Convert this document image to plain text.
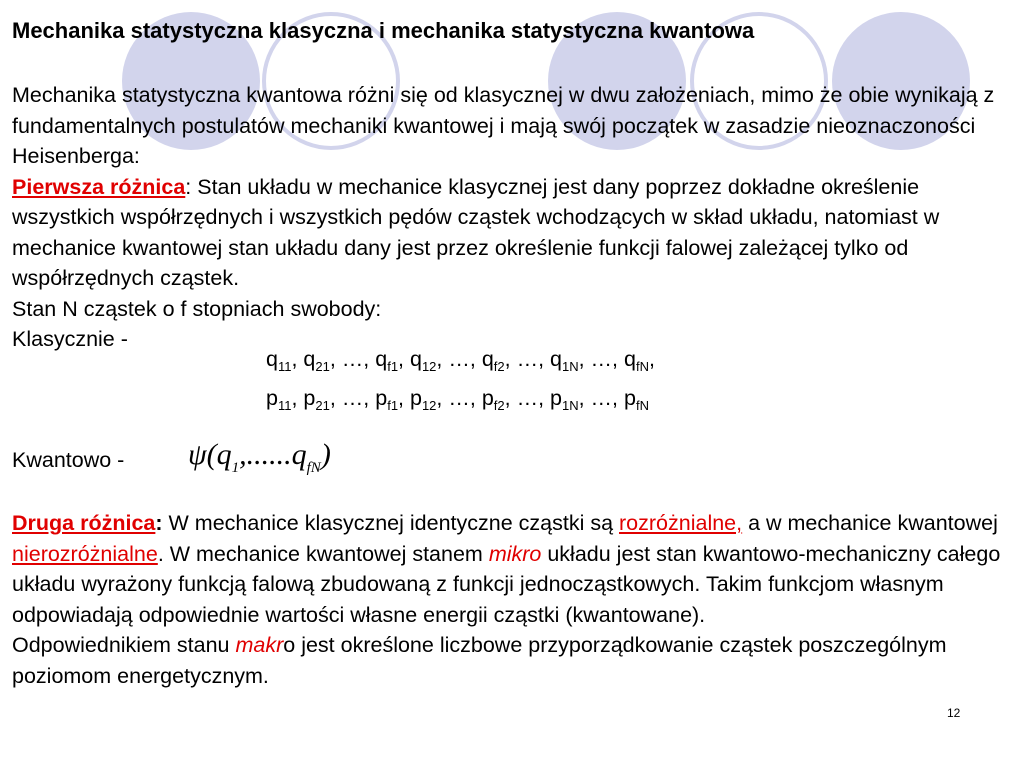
Mechanika statystyczna klasyczna i mechanika statystyczna kwantowa

Mechanika statystyczna kwantowa różni się od klasycznej w dwu założeniach, mimo że obie wynikają z fundamentalnych postulatów mechaniki kwantowej i mają swój początek w zasadzie nieoznaczoności Heisenberga:

Pierwsza różnica: Stan układu w mechanice klasycznej jest dany poprzez dokładne określenie wszystkich współrzędnych i wszystkich pędów cząstek wchodzących w skład układu, natomiast w mechanice kwantowej stan układu dany jest przez określenie funkcji falowej zależącej tylko od współrzędnych cząstek.

Stan N cząstek o f stopniach swobody:

Klasycznie -

$q_{11}$, $q_{21}$, …, $q_{f1}$, $q_{12}$, …, $q_{f2}$, …, $q_{1N}$, …, $q_{fN}$,
$p_{11}$, $p_{21}$, …, $p_{f1}$, $p_{12}$, …, $p_{f2}$, …, $p_{1N}$, …, $p_{fN}$
Kwantowo - $\psi(q_1,......q_{fN})$

Druga różnica: W mechanice klasycznej identyczne cząstki są rozróżnialne, a w mechanice kwantowej nierozróżnialne. W mechanice kwantowej stanem mikro układu jest stan kwantowo-mechaniczny całego układu wyrażony funkcją falową zbudowaną z funkcji jednocząstkowych. Takim funkcjom własnym odpowiadają odpowiednie wartości własne energii cząstki (kwantowane).

Odpowiednikiem stanu makro jest określone liczbowe przyporządkowanie cząstek poszczególnym poziomom energetycznym.

12
